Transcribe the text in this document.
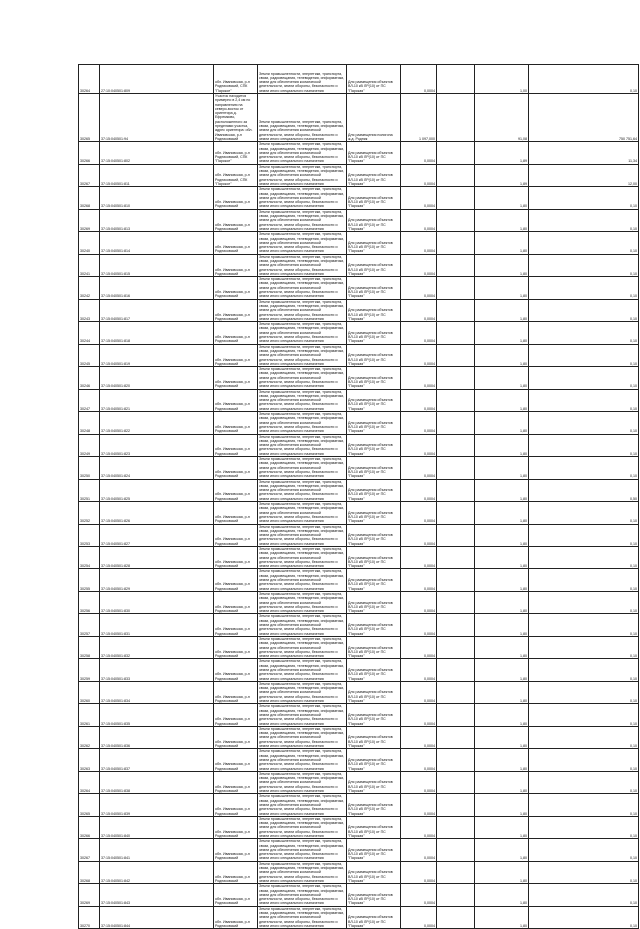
30264	27:10:040501:809	обл. Ивановская, р-н Родниковский, СПК "Парское"	Земли промышленности, энергетики, транспорта, связи, радиовещания, телевидения, информатики, земли для обеспечения космической деятельности, земли обороны, безопасности и земли иного специального назначения	Для размещения объектов ВЛ-10 кВ ЛР(10) от ПС "Парская"	0,0004		1,00	0,10
30265	37:15:040501:94	Участок находится примерно в 2,4 км по направлению на северо-восток от ориентира д. Ефремково, расположенного за пределами участка, адрес ориентира: обл. Ивановская, р-н Родниковский	Земли промышленности, энергетики, транспорта, связи, радиовещания, телевидения, информатики, земли для обеспечения космической деятельности, земли обороны, безопасности и земли иного специального назначения	Для размещения полигона ж.д. Родник	1 097,000		91,08	750 751,64
30266	37:15:040501:802	обл. Ивановская, р-н Родниковский, СПК "Парское"	Земли промышленности, энергетики, транспорта, связи, радиовещания, телевидения, информатики, земли для обеспечения космической деятельности, земли обороны, безопасности и земли иного специального назначения	Для размещения объектов ВЛ-10 кВ ЛР(10) от ПС "Парская"	0,0004		1,89	11,34
30267	37:15:040501:811	обл. Ивановская, р-н Родниковский, СПК "Парское"	Земли промышленности, энергетики, транспорта, связи, радиовещания, телевидения, информатики, земли для обеспечения космической деятельности, земли обороны, безопасности и земли иного специального назначения	Для размещения объектов ВЛ-10 кВ ЛР(10) от ПС "Парская"	0,0004		1,89	12,00
30268	37:15:040501:810	обл. Ивановская, р-н Родниковский	Земли промышленности, энергетики, транспорта, связи, радиовещания, телевидения, информатики, земли для обеспечения космической деятельности, земли обороны, безопасности и земли иного специального назначения	Для размещения объектов ВЛ-10 кВ ЛР(10) от ПС "Парская"	0,0004		1,80	0,10
30269	37:15:040501:813	обл. Ивановская, р-н Родниковский	Земли промышленности, энергетики, транспорта, связи, радиовещания, телевидения, информатики, земли для обеспечения космической деятельности, земли обороны, безопасности и земли иного специального назначения	Для размещения объектов ВЛ-10 кВ ЛР(10) от ПС "Парская"	0,0004		1,80	0,10
30240	37:15:040501:814	обл. Ивановская, р-н Родниковский	Земли промышленности, энергетики, транспорта, связи, радиовещания, телевидения, информатики, земли для обеспечения космической деятельности, земли обороны, безопасности и земли иного специального назначения	Для размещения объектов ВЛ-10 кВ ЛР(10) от ПС "Парская"	0,0004		1,80	0,10
30241	37:15:040501:815	обл. Ивановская, р-н Родниковский	Земли промышленности, энергетики, транспорта, связи, радиовещания, телевидения, информатики, земли для обеспечения космической деятельности, земли обороны, безопасности и земли иного специального назначения	Для размещения объектов ВЛ-10 кВ ЛР(10) от ПС "Парская"	0,0004		1,80	0,10
30242	37:15:040501:816	обл. Ивановская, р-н Родниковский	Земли промышленности, энергетики, транспорта, связи, радиовещания, телевидения, информатики, земли для обеспечения космической деятельности, земли обороны, безопасности и земли иного специального назначения	Для размещения объектов ВЛ-10 кВ ЛР(10) от ПС "Парская"	0,0004		1,80	0,10
30243	37:15:040501:817	обл. Ивановская, р-н Родниковский	Земли промышленности, энергетики, транспорта, связи, радиовещания, телевидения, информатики, земли для обеспечения космической деятельности, земли обороны, безопасности и земли иного специального назначения	Для размещения объектов ВЛ-10 кВ ЛР(10) от ПС "Парская"	0,0004		1,80	0,10
30244	37:15:040501:818	обл. Ивановская, р-н Родниковский	Земли промышленности, энергетики, транспорта, связи, радиовещания, телевидения, информатики, земли для обеспечения космической деятельности, земли обороны, безопасности и земли иного специального назначения	Для размещения объектов ВЛ-10 кВ ЛР(10) от ПС "Парская"	0,0004		1,80	0,10
30245	37:15:040501:819	обл. Ивановская, р-н Родниковский	Земли промышленности, энергетики, транспорта, связи, радиовещания, телевидения, информатики, земли для обеспечения космической деятельности, земли обороны, безопасности и земли иного специального назначения	Для размещения объектов ВЛ-10 кВ ЛР(10) от ПС "Парская"	0,0004		1,80	0,10
30246	37:15:040501:820	обл. Ивановская, р-н Родниковский	Земли промышленности, энергетики, транспорта, связи, радиовещания, телевидения, информатики, земли для обеспечения космической деятельности, земли обороны, безопасности и земли иного специального назначения	Для размещения объектов ВЛ-10 кВ ЛР(10) от ПС "Парская"	0,0004		1,80	0,10
30247	37:15:040501:821	обл. Ивановская, р-н Родниковский	Земли промышленности, энергетики, транспорта, связи, радиовещания, телевидения, информатики, земли для обеспечения космической деятельности, земли обороны, безопасности и земли иного специального назначения	Для размещения объектов ВЛ-10 кВ ЛР(10) от ПС "Парская"	0,0004		1,80	0,10
30248	37:15:040501:822	обл. Ивановская, р-н Родниковский	Земли промышленности, энергетики, транспорта, связи, радиовещания, телевидения, информатики, земли для обеспечения космической деятельности, земли обороны, безопасности и земли иного специального назначения	Для размещения объектов ВЛ-10 кВ ЛР(10) от ПС "Парская"	0,0004		1,80	0,10
30249	37:15:040501:823	обл. Ивановская, р-н Родниковский	Земли промышленности, энергетики, транспорта, связи, радиовещания, телевидения, информатики, земли для обеспечения космической деятельности, земли обороны, безопасности и земли иного специального назначения	Для размещения объектов ВЛ-10 кВ ЛР(10) от ПС "Парская"	0,0004		1,80	0,10
30250	37:15:040501:824	обл. Ивановская, р-н Родниковский	Земли промышленности, энергетики, транспорта, связи, радиовещания, телевидения, информатики, земли для обеспечения космической деятельности, земли обороны, безопасности и земли иного специального назначения	Для размещения объектов ВЛ-10 кВ ЛР(10) от ПС "Парская"	0,0004		1,80	0,10
30251	37:15:040501:825	обл. Ивановская, р-н Родниковский	Земли промышленности, энергетики, транспорта, связи, радиовещания, телевидения, информатики, земли для обеспечения космической деятельности, земли обороны, безопасности и земли иного специального назначения	Для размещения объектов ВЛ-10 кВ ЛР(10) от ПС "Парская"	0,0004		1,80	0,50
30252	37:15:040501:826	обл. Ивановская, р-н Родниковский	Земли промышленности, энергетики, транспорта, связи, радиовещания, телевидения, информатики, земли для обеспечения космической деятельности, земли обороны, безопасности и земли иного специального назначения	Для размещения объектов ВЛ-10 кВ ЛР(10) от ПС "Парская"	0,0004		1,80	0,10
30253	37:15:040501:827	обл. Ивановская, р-н Родниковский	Земли промышленности, энергетики, транспорта, связи, радиовещания, телевидения, информатики, земли для обеспечения космической деятельности, земли обороны, безопасности и земли иного специального назначения	Для размещения объектов ВЛ-10 кВ ЛР(10) от ПС "Парская"	0,0004		1,80	0,10
30254	37:15:040501:828	обл. Ивановская, р-н Родниковский	Земли промышленности, энергетики, транспорта, связи, радиовещания, телевидения, информатики, земли для обеспечения космической деятельности, земли обороны, безопасности и земли иного специального назначения	Для размещения объектов ВЛ-10 кВ ЛР(10) от ПС "Парская"	0,0004		1,80	0,10
30255	37:15:040501:829	обл. Ивановская, р-н Родниковский	Земли промышленности, энергетики, транспорта, связи, радиовещания, телевидения, информатики, земли для обеспечения космической деятельности, земли обороны, безопасности и земли иного специального назначения	Для размещения объектов ВЛ-10 кВ ЛР(10) от ПС "Парская"	0,0004		1,80	0,10
30256	37:15:040501:830	обл. Ивановская, р-н Родниковский	Земли промышленности, энергетики, транспорта, связи, радиовещания, телевидения, информатики, земли для обеспечения космической деятельности, земли обороны, безопасности и земли иного специального назначения	Для размещения объектов ВЛ-10 кВ ЛР(10) от ПС "Парская"	0,0004		1,80	0,10
30257	37:15:040501:831	обл. Ивановская, р-н Родниковский	Земли промышленности, энергетики, транспорта, связи, радиовещания, телевидения, информатики, земли для обеспечения космической деятельности, земли обороны, безопасности и земли иного специального назначения	Для размещения объектов ВЛ-10 кВ ЛР(10) от ПС "Парская"	0,0004		1,80	0,10
30258	37:15:040501:832	обл. Ивановская, р-н Родниковский	Земли промышленности, энергетики, транспорта, связи, радиовещания, телевидения, информатики, земли для обеспечения космической деятельности, земли обороны, безопасности и земли иного специального назначения	Для размещения объектов ВЛ-10 кВ ЛР(10) от ПС "Парская"	0,0004		1,80	0,10
30259	37:15:040501:833	обл. Ивановская, р-н Родниковский	Земли промышленности, энергетики, транспорта, связи, радиовещания, телевидения, информатики, земли для обеспечения космической деятельности, земли обороны, безопасности и земли иного специального назначения	Для размещения объектов ВЛ-10 кВ ЛР(10) от ПС "Парская"	0,0004		1,80	0,10
30260	37:15:040501:834	обл. Ивановская, р-н Родниковский	Земли промышленности, энергетики, транспорта, связи, радиовещания, телевидения, информатики, земли для обеспечения космической деятельности, земли обороны, безопасности и земли иного специального назначения	Для размещения объектов ВЛ-10 кВ ЛР(10) от ПС "Парская"	0,0004		1,80	0,10
30261	37:15:040501:835	обл. Ивановская, р-н Родниковский	Земли промышленности, энергетики, транспорта, связи, радиовещания, телевидения, информатики, земли для обеспечения космической деятельности, земли обороны, безопасности и земли иного специального назначения	Для размещения объектов ВЛ-10 кВ ЛР(10) от ПС "Парская"	0,0004		1,80	0,10
30262	37:15:040501:836	обл. Ивановская, р-н Родниковский	Земли промышленности, энергетики, транспорта, связи, радиовещания, телевидения, информатики, земли для обеспечения космической деятельности, земли обороны, безопасности и земли иного специального назначения	Для размещения объектов ВЛ-10 кВ ЛР(10) от ПС "Парская"	0,0004		1,80	0,10
30263	37:15:040501:837	обл. Ивановская, р-н Родниковский	Земли промышленности, энергетики, транспорта, связи, радиовещания, телевидения, информатики, земли для обеспечения космической деятельности, земли обороны, безопасности и земли иного специального назначения	Для размещения объектов ВЛ-10 кВ ЛР(10) от ПС "Парская"	0,0004		1,80	0,10
30264	37:15:040501:838	обл. Ивановская, р-н Родниковский	Земли промышленности, энергетики, транспорта, связи, радиовещания, телевидения, информатики, земли для обеспечения космической деятельности, земли обороны, безопасности и земли иного специального назначения	Для размещения объектов ВЛ-10 кВ ЛР(10) от ПС "Парская"	0,0004		1,80	0,10
30265	37:15:040501:839	обл. Ивановская, р-н Родниковский	Земли промышленности, энергетики, транспорта, связи, радиовещания, телевидения, информатики, земли для обеспечения космической деятельности, земли обороны, безопасности и земли иного специального назначения	Для размещения объектов ВЛ-10 кВ ЛР(10) от ПС "Парская"	0,0004		1,80	0,10
30266	37:15:040501:840	обл. Ивановская, р-н Родниковский	Земли промышленности, энергетики, транспорта, связи, радиовещания, телевидения, информатики, земли для обеспечения космической деятельности, земли обороны, безопасности и земли иного специального назначения	Для размещения объектов ВЛ-10 кВ ЛР(10) от ПС "Парская"	0,0004		1,80	0,10
30267	37:15:040501:841	обл. Ивановская, р-н Родниковский	Земли промышленности, энергетики, транспорта, связи, радиовещания, телевидения, информатики, земли для обеспечения космической деятельности, земли обороны, безопасности и земли иного специального назначения	Для размещения объектов ВЛ-10 кВ ЛР(10) от ПС "Парская"	0,0004		1,80	0,10
30268	37:15:040501:842	обл. Ивановская, р-н Родниковский	Земли промышленности, энергетики, транспорта, связи, радиовещания, телевидения, информатики, земли для обеспечения космической деятельности, земли обороны, безопасности и земли иного специального назначения	Для размещения объектов ВЛ-10 кВ ЛР(10) от ПС "Парская"	0,0004		1,80	0,10
30269	37:15:040501:843	обл. Ивановская, р-н Родниковский	Земли промышленности, энергетики, транспорта, связи, радиовещания, телевидения, информатики, земли для обеспечения космической деятельности, земли обороны, безопасности и земли иного специального назначения	Для размещения объектов ВЛ-10 кВ ЛР(10) от ПС "Парская"	0,0004		1,80	0,10
30270	37:15:040501:844	обл. Ивановская, р-н Родниковский	Земли промышленности, энергетики, транспорта, связи, радиовещания, телевидения, информатики, земли для обеспечения космической деятельности, земли обороны, безопасности и земли иного специального назначения	Для размещения объектов ВЛ-10 кВ ЛР(10) от ПС "Парская"	0,0004		1,80	0,10
